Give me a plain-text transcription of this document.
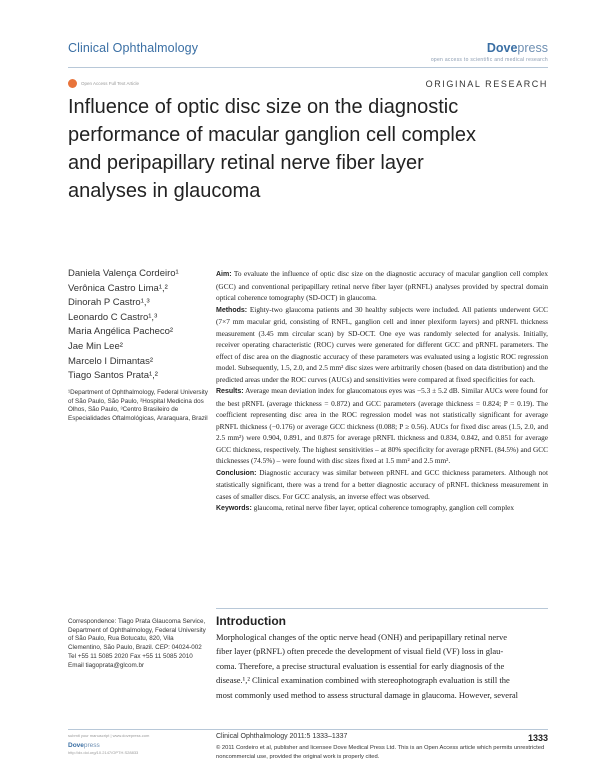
Clinical Ophthalmology	Dovepress
open access to scientific and medical research
Open Access Full Text Article	ORIGINAL RESEARCH
Influence of optic disc size on the diagnostic
performance of macular ganglion cell complex
and peripapillary retinal nerve fiber layer
analyses in glaucoma
Daniela Valença Cordeiro¹
Verônica Castro Lima¹,²
Dinorah P Castro¹,³
Leonardo C Castro¹,³
Maria Angélica Pacheco²
Jae Min Lee²
Marcelo I Dimantas²
Tiago Santos Prata¹,²
¹Department of Ophthalmology, Federal University of São Paulo, São Paulo, ²Hospital Medicina dos Olhos, São Paulo, ³Centro Brasileiro de Especialidades Oftalmológicas, Araraquara, Brazil

Aim: To evaluate the influence of optic disc size on the diagnostic accuracy of macular ganglion cell complex (GCC) and conventional peripapillary retinal nerve fiber layer (pRNFL) analyses provided by spectral domain optical coherence tomography (SD-OCT) in glaucoma.

Methods: Eighty-two glaucoma patients and 30 healthy subjects were included. All patients underwent GCC (7×7 mm macular grid, consisting of RNFL, ganglion cell and inner plexiform layers) and pRNFL thickness measurement (3.45 mm circular scan) by SD-OCT. One eye was randomly selected for analysis. Initially, receiver operating characteristic (ROC) curves were generated for different GCC and pRNFL parameters. The effect of disc area on the diagnostic accuracy of these parameters was evaluated using a logistic ROC regression model. Subsequently, 1.5, 2.0, and 2.5 mm² disc sizes were arbitrarily chosen (based on data distribution) and the predicted areas under the ROC curves (AUCs) and sensitivities were compared at fixed specificities for each.

Results: Average mean deviation index for glaucomatous eyes was −5.3 ± 5.2 dB. Similar AUCs were found for the best pRNFL (average thickness = 0.872) and GCC parameters (average thickness = 0.824; P = 0.19). The coefficient representing disc area in the ROC regression model was not statistically significant for average pRNFL thickness (−0.176) or average GCC thickness (0.088; P ≥ 0.56). AUCs for fixed disc areas (1.5, 2.0, and 2.5 mm²) were 0.904, 0.891, and 0.875 for average pRNFL thickness and 0.834, 0.842, and 0.851 for average GCC thickness, respectively. The highest sensitivities – at 80% specificity for average pRNFL (84.5%) and GCC thicknesses (74.5%) – were found with disc sizes fixed at 1.5 mm² and 2.5 mm².

Conclusion: Diagnostic accuracy was similar between pRNFL and GCC thickness parameters. Although not statistically significant, there was a trend for a better diagnostic accuracy of pRNFL thickness measurement in cases of smaller discs. For GCC analysis, an inverse effect was observed.

Keywords: glaucoma, retinal nerve fiber layer, optical coherence tomography, ganglion cell complex

Correspondence: Tiago Prata Glaucoma Service, Department of Ophthalmology, Federal University of São Paulo, Rua Botucatu, 820, Vila Clementino, São Paulo, Brazil. CEP: 04024-002 Tel +55 11 5085 2020 Fax +55 11 5085 2010 Email tiagoprata@glcom.br
Introduction
Morphological changes of the optic nerve head (ONH) and peripapillary retinal nerve
fiber layer (pRNFL) often precede the development of visual field (VF) loss in glau-
coma. Therefore, a precise structural evaluation is essential for early diagnosis of the
disease.¹,² Clinical examination combined with stereophotograph evaluation is still the
most commonly used method to assess structural damage in glaucoma. However, several
submit your manuscript | www.dovepress.com
Dovepress
http://dx.doi.org/10.2147/OPTH.S28833
Clinical Ophthalmology 2011:5 1333–1337
© 2011 Cordeiro et al, publisher and licensee Dove Medical Press Ltd. This is an Open Access article which permits unrestricted noncommercial use, provided the original work is properly cited.
1333
